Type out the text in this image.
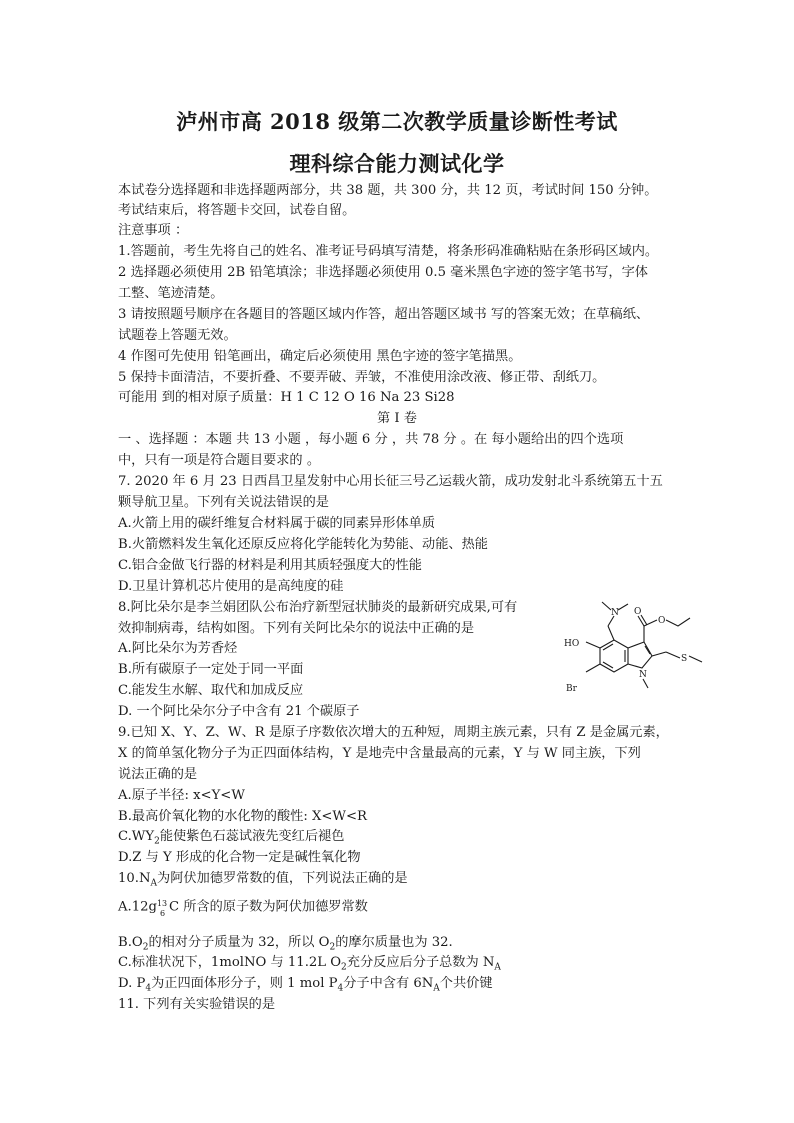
泸州市高 2018 级第二次教学质量诊断性考试
理科综合能力测试化学
本试卷分选择题和非选择题两部分，共 38 题，共 300 分，共 12 页，考试时间 150 分钟。
考试结束后，将答题卡交回，试卷自留。
注意事项 ：
1.答题前，考生先将自己的姓名、准考证号码填写清楚，将条形码准确粘贴在条形码区域内。
2 选择题必须使用 2B 铅笔填涂；非选择题必须使用 0.5 毫米黑色字迹的签字笔书写，字体
工整、笔迹清楚。
3 请按照题号顺序在各题目的答题区域内作答，超出答题区域书 写的答案无效；在草稿纸、
试题卷上答题无效。
4 作图可先使用 铅笔画出，确定后必须使用 黑色字迹的签字笔描黑。
5 保持卡面清洁，不要折叠、不要弄破、弄皱，不准使用涂改液、修正带、刮纸刀。
可能用 到的相对原子质量：H 1 C 12 O 16 Na 23 Si28
第 I 卷
一 、选择题 ：本题 共 13 小题 ，每小题 6 分 ，共 78 分 。在 每小题给出的四个选项
中，只有一项是符合题目要求的 。
7. 2020 年 6 月 23 日西昌卫星发射中心用长征三号乙运载火箭，成功发射北斗系统第五十五
颗导航卫星。下列有关说法错误的是
A.火箭上用的碳纤维复合材料属于碳的同素异形体单质
B.火箭燃料发生氧化还原反应将化学能转化为势能、动能、热能
C.铝合金做飞行器的材料是利用其质轻强度大的性能
D.卫星计算机芯片使用的是高纯度的硅
8.阿比朵尔是李兰娟团队公布治疗新型冠状肺炎的最新研究成果,可有
效抑制病毒，结构如图。下列有关阿比朵尔的说法中正确的是
A.阿比朵尔为芳香烃
B.所有碳原子一定处于同一平面
C.能发生水解、取代和加成反应
D. 一个阿比朵尔分子中含有 21 个碳原子
N O
O
S
N
HO
Br
9.已知 X、Y、Z、W、R 是原子序数依次增大的五种短，周期主族元素，只有 Z 是金属元素，
X 的简单氢化物分子为正四面体结构，Y 是地壳中含量最高的元素，Y 与 W 同主族，下列
说法正确的是
A.原子半径: x<Y<W
B.最高价氧化物的水化物的酸性: X<W<R
$C.WY_2$能使紫色石蕊试液先变红后褪色
D.Z 与 Y 形成的化合物一定是碱性氧化物
$10.N_A$为阿伏加德罗常数的值，下列说法正确的是
A.12g 13
6 C 所含的原子数为阿伏加德罗常数
$B.O_2$的相对分子质量为 32，所以 $O_2$的摩尔质量也为 32.
C.标准状况下，1molNO 与 11.2L $O_2$充分反应后分子总数为 $N_A$
D. $P_4$为正四面体形分子，则 1 mol $P_4$分子中含有 $6N_A$个共价键
11. 下列有关实验错误的是
